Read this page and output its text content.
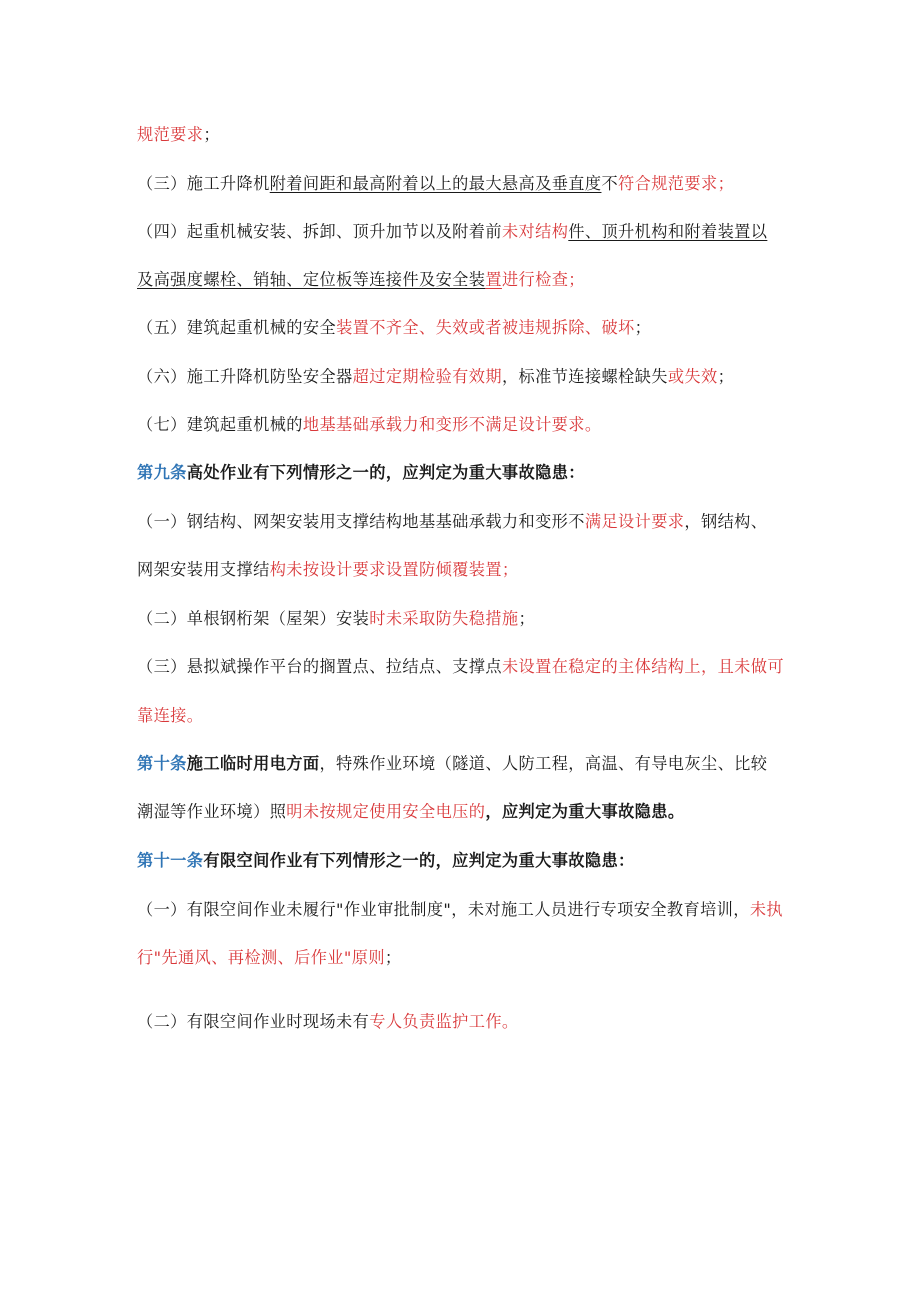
规范要求；
（三）施工升降机附着间距和最高附着以上的最大悬高及垂直度不符合规范要求；
（四）起重机械安装、拆卸、顶升加节以及附着前未对结构件、顶升机构和附着装置以
及高强度螺栓、销轴、定位板等连接件及安全装置进行检查；
（五）建筑起重机械的安全装置不齐全、失效或者被违规拆除、破坏；
（六）施工升降机防坠安全器超过定期检验有效期，标准节连接螺栓缺失或失效；
（七）建筑起重机械的地基基础承载力和变形不满足设计要求。
第九条高处作业有下列情形之一的，应判定为重大事故隐患：
（一）钢结构、网架安装用支撑结构地基基础承载力和变形不满足设计要求，钢结构、
网架安装用支撑结构未按设计要求设置防倾覆装置；
（二）单根钢桁架（屋架）安装时未采取防失稳措施；
（三）悬拟斌操作平台的搁置点、拉结点、支撑点未设置在稳定的主体结构上，且未做可
靠连接。
第十条施工临时用电方面，特殊作业环境（隧道、人防工程，高温、有导电灰尘、比较
潮湿等作业环境）照明未按规定使用安全电压的，应判定为重大事故隐患。
第十一条有限空间作业有下列情形之一的，应判定为重大事故隐患：
（一）有限空间作业未履行"作业审批制度"，未对施工人员进行专项安全教育培训，未执
行"先通风、再检测、后作业"原则；
（二）有限空间作业时现场未有专人负责监护工作。
